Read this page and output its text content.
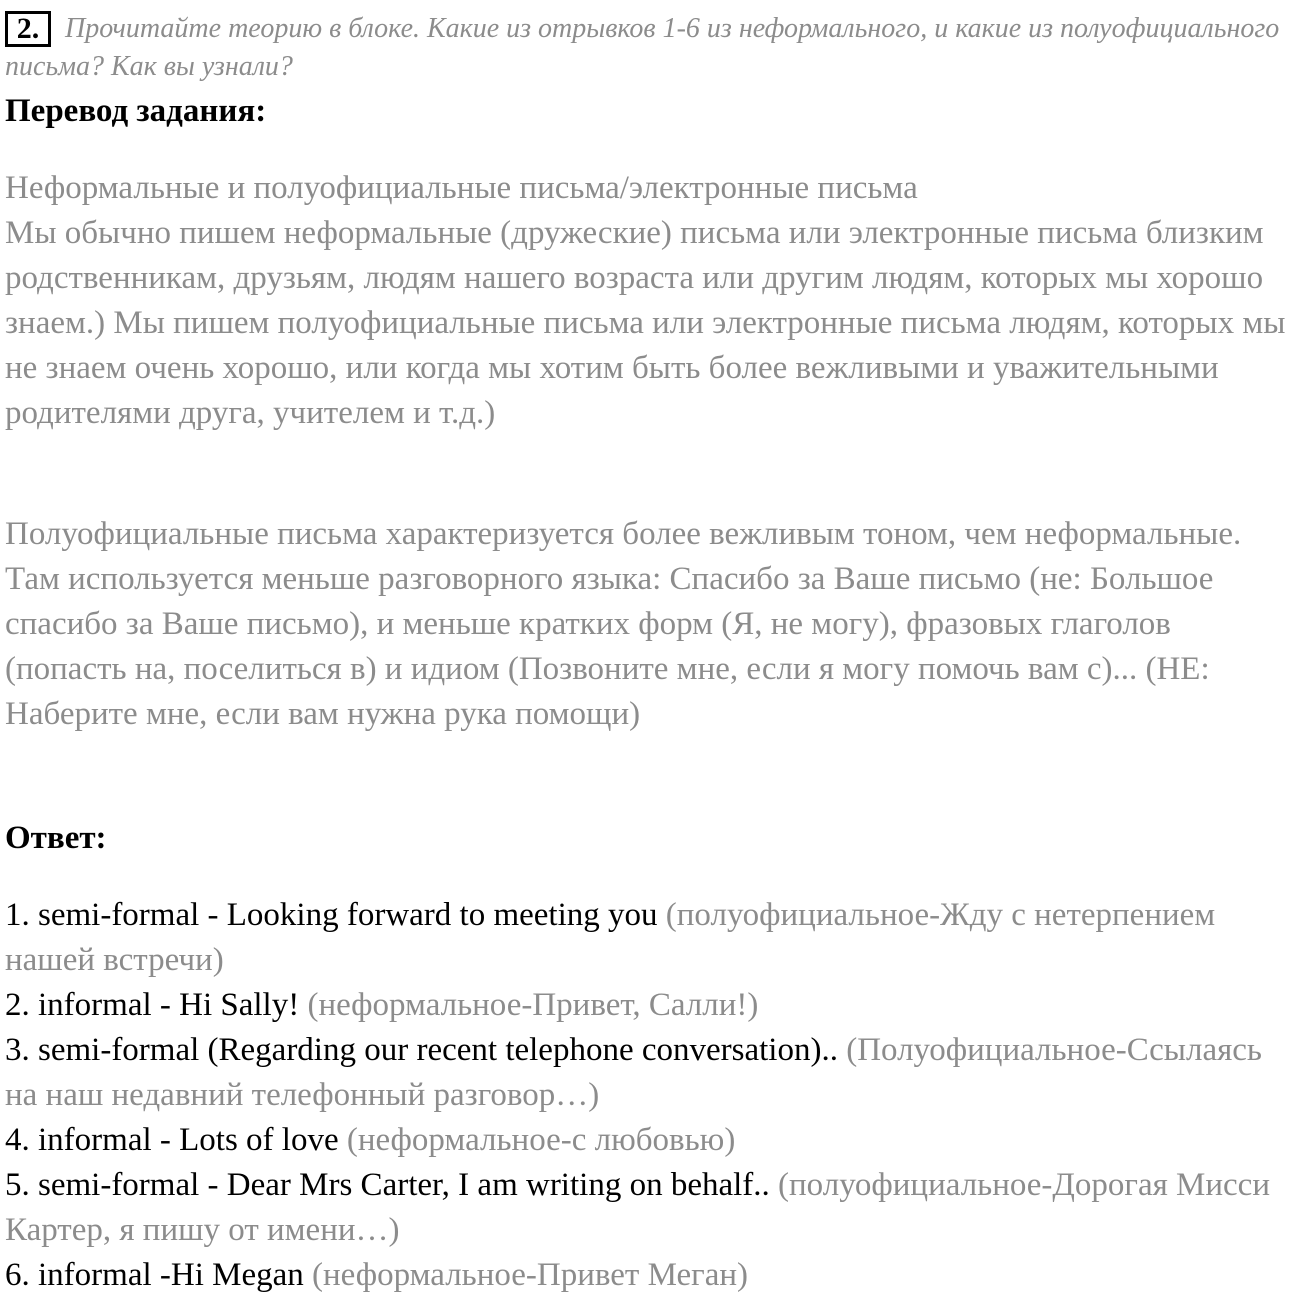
2. Прочитайте теорию в блоке. Какие из отрывков 1-6 из неформального, и какие из полуофициального письма? Как вы узнали?

Перевод задания:

Неформальные и полуофициальные письма/электронные письма
Мы обычно пишем неформальные (дружеские) письма или электронные письма близким родственникам, друзьям, людям нашего возраста или другим людям, которых мы хорошо знаем.) Мы пишем полуофициальные письма или электронные письма людям, которых мы не знаем очень хорошо, или когда мы хотим быть более вежливыми и уважительными родителями друга, учителем и т.д.)

Полуофициальные письма характеризуется более вежливым тоном, чем неформальные. Там используется меньше разговорного языка: Спасибо за Ваше письмо (не: Большое спасибо за Ваше письмо), и меньше кратких форм (Я, не могу), фразовых глаголов (попасть на, поселиться в) и идиом (Позвоните мне, если я могу помочь вам с)... (НЕ: Наберите мне, если вам нужна рука помощи)

Ответ:

1. semi-formal - Looking forward to meeting you (полуофициальное-Жду с нетерпением нашей встречи)
2. informal - Hi Sally! (неформальное-Привет, Салли!)
3. semi-formal (Regarding our recent telephone conversation).. (Полуофициальное-Ссылаясь на наш недавний телефонный разговор…)
4. informal - Lots of love (неформальное-с любовью)
5. semi-formal - Dear Mrs Carter, I am writing on behalf.. (полуофициальное-Дорогая Мисси Картер, я пишу от имени…)
6. informal -Hi Megan (неформальное-Привет Меган)
